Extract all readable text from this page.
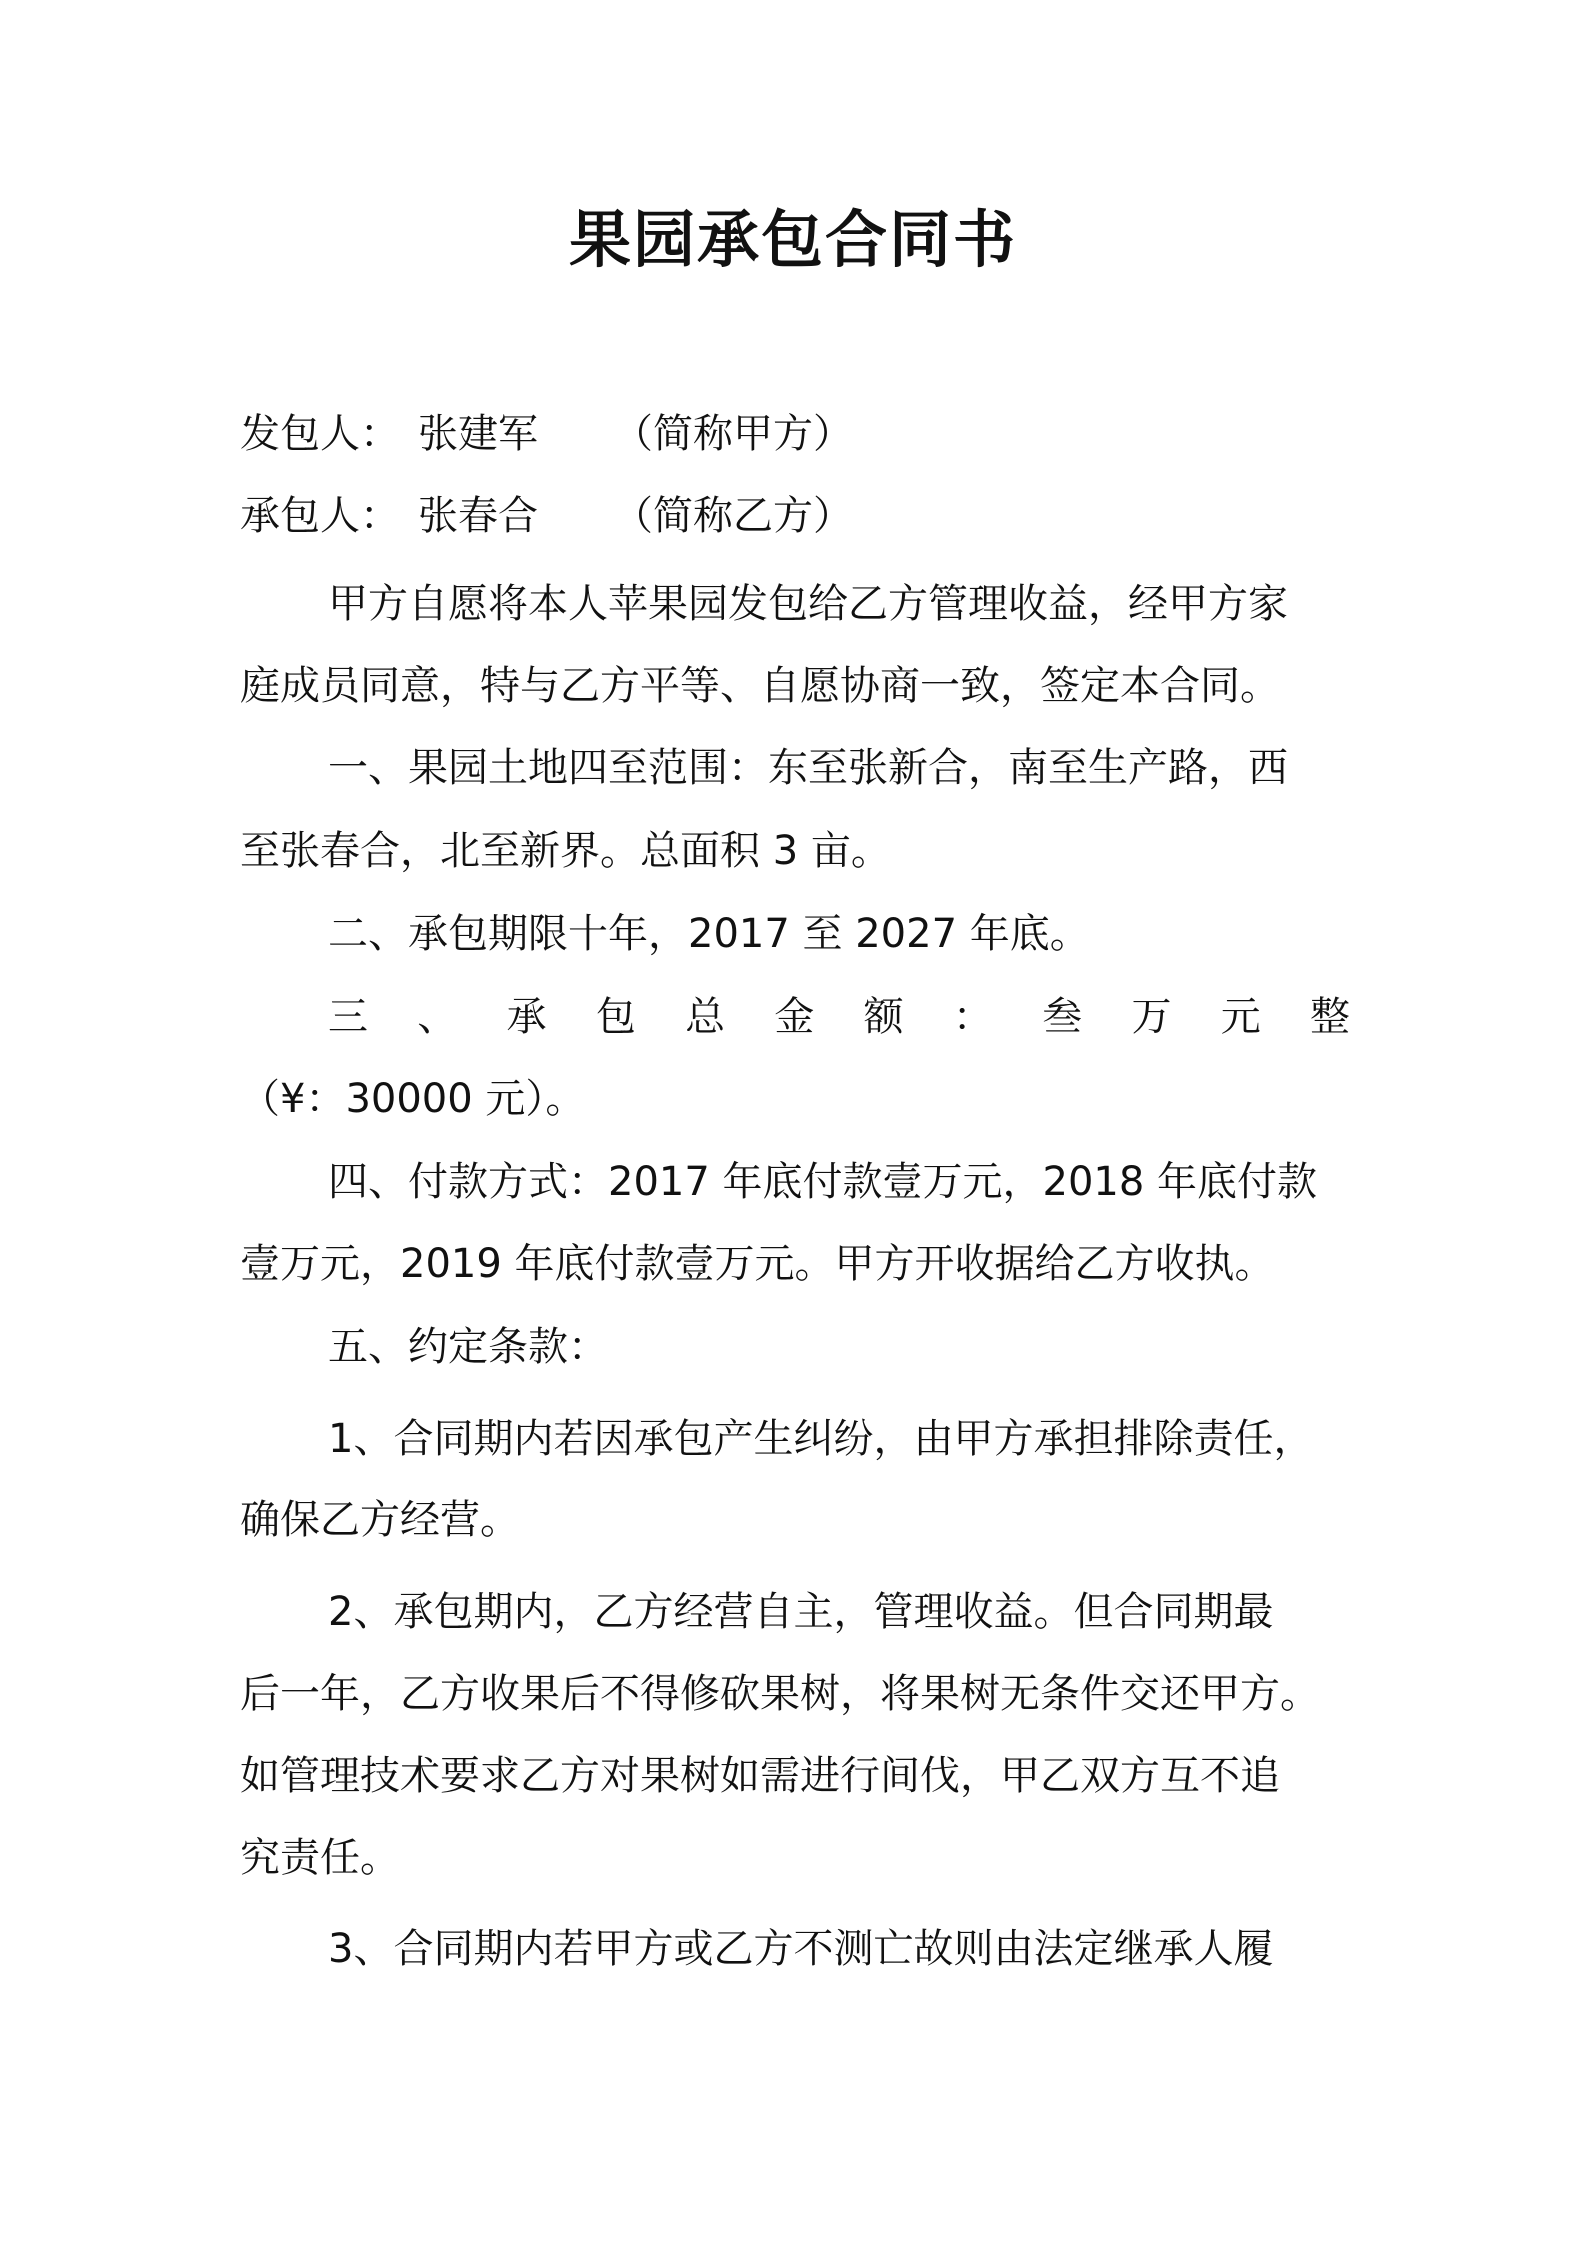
果园承包合同书
发包人： 张建军 （简称甲方）
承包人： 张春合 （简称乙方）
甲方自愿将本人苹果园发包给乙方管理收益，经甲方家
庭成员同意，特与乙方平等、自愿协商一致，签定本合同。
一、果园土地四至范围：东至张新合，南至生产路，西
至张春合，北至新界。总面积 3 亩。
二、承包期限十年，2017 至 2027 年底。
三、承包总金额：叁万元整
（¥：30000 元）。
四、付款方式：2017 年底付款壹万元，2018 年底付款
壹万元，2019 年底付款壹万元。甲方开收据给乙方收执。
五、约定条款：
1、合同期内若因承包产生纠纷，由甲方承担排除责任，
确保乙方经营。
2、承包期内，乙方经营自主，管理收益。但合同期最
后一年，乙方收果后不得修砍果树，将果树无条件交还甲方。
如管理技术要求乙方对果树如需进行间伐，甲乙双方互不追
究责任。
3、合同期内若甲方或乙方不测亡故则由法定继承人履
